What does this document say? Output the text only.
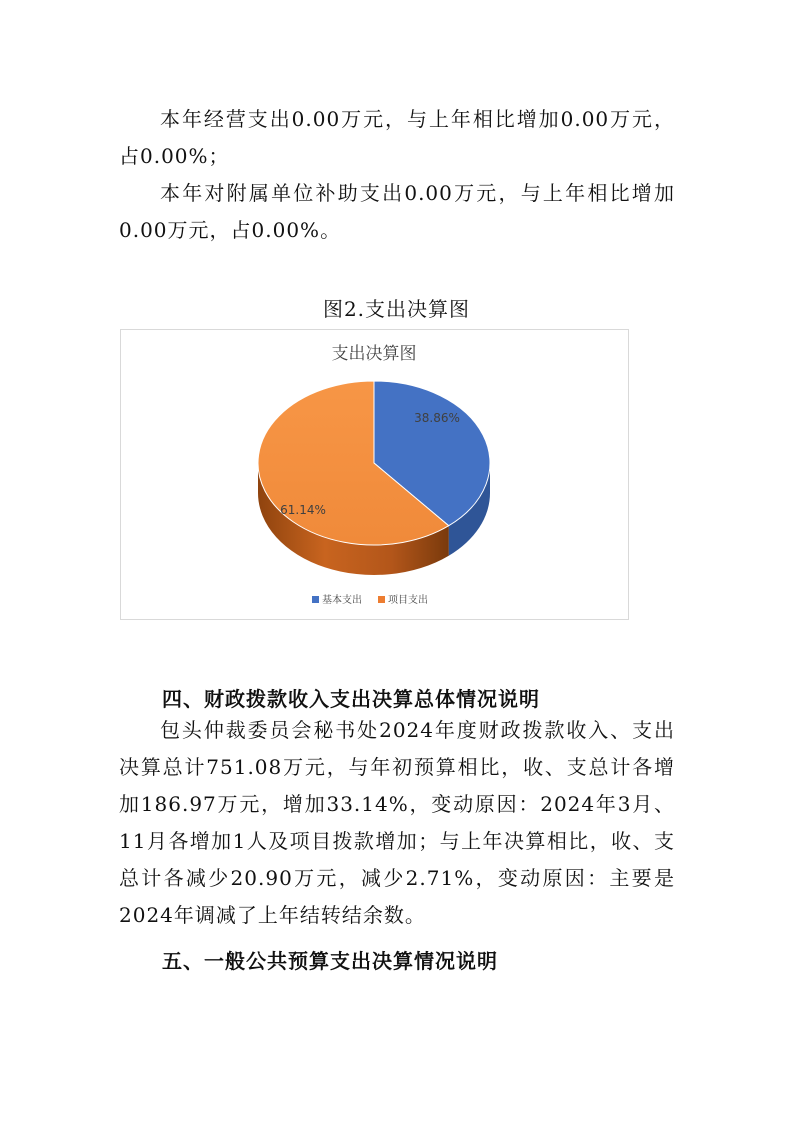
本年经营支出0.00万元，与上年相比增加0.00万元，占0.00%；

本年对附属单位补助支出0.00万元，与上年相比增加0.00万元，占0.00%。

图2.支出决算图
支出决算图
38.86%
61.14%
基本支出	项目支出
四、财政拨款收入支出决算总体情况说明

包头仲裁委员会秘书处2024年度财政拨款收入、支出决算总计751.08万元，与年初预算相比，收、支总计各增加186.97万元，增加33.14%，变动原因：2024年3月、11月各增加1人及项目拨款增加；与上年决算相比，收、支总计各减少20.90万元，减少2.71%，变动原因：主要是2024年调减了上年结转结余数。

五、一般公共预算支出决算情况说明
